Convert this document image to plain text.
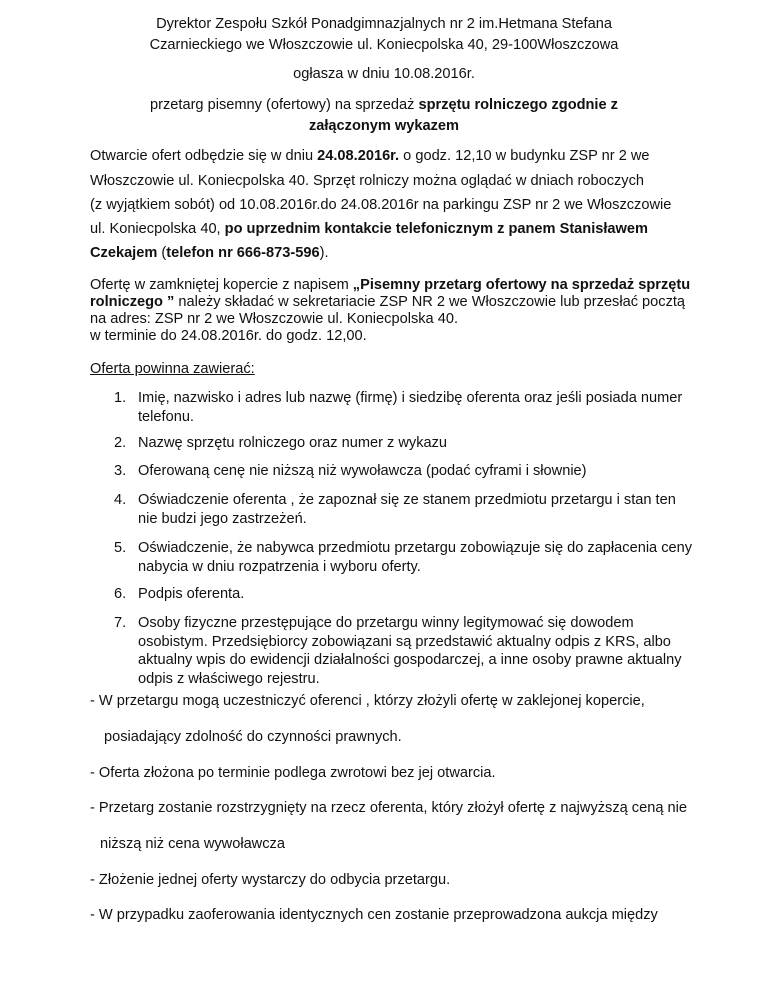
Dyrektor Zespołu Szkół Ponadgimnazjalnych nr 2 im.Hetmana Stefana
Czarnieckiego we Włoszczowie ul. Koniecpolska 40, 29-100Włoszczowa
ogłasza w dniu 10.08.2016r.
przetarg pisemny (ofertowy) na sprzedaż sprzętu rolniczego zgodnie z
załączonym wykazem
Otwarcie ofert odbędzie się w dniu 24.08.2016r. o godz. 12,10 w budynku ZSP nr 2 we
Włoszczowie ul. Koniecpolska 40. Sprzęt rolniczy można oglądać w dniach roboczych
(z wyjątkiem sobót) od 10.08.2016r.do 24.08.2016r na parkingu ZSP nr 2 we Włoszczowie
ul. Koniecpolska 40, po uprzednim kontakcie telefonicznym z panem Stanisławem
Czekajem (telefon nr 666-873-596).
Ofertę w zamkniętej kopercie z napisem „Pisemny przetarg ofertowy na sprzedaż sprzętu
rolniczego ” należy składać w sekretariacie ZSP NR 2 we Włoszczowie lub przesłać pocztą
na adres: ZSP nr 2 we Włoszczowie ul. Koniecpolska 40.
w terminie do 24.08.2016r. do godz. 12,00.
Oferta powinna zawierać:
1. Imię, nazwisko i adres lub nazwę (firmę) i siedzibę oferenta oraz jeśli posiada numer
telefonu.
2. Nazwę sprzętu rolniczego oraz numer z wykazu
3. Oferowaną cenę nie niższą niż wywoławcza (podać cyframi i słownie)
4. Oświadczenie oferenta , że zapoznał się ze stanem przedmiotu przetargu i stan ten
nie budzi jego zastrzeżeń.
5. Oświadczenie, że nabywca przedmiotu przetargu zobowiązuje się do zapłacenia ceny
nabycia w dniu rozpatrzenia i wyboru oferty.
6. Podpis oferenta.
7. Osoby fizyczne przestępujące do przetargu winny legitymować się dowodem
osobistym. Przedsiębiorcy zobowiązani są przedstawić aktualny odpis z KRS, albo
aktualny wpis do ewidencji działalności gospodarczej, a inne osoby prawne aktualny
odpis z właściwego rejestru.
- W przetargu mogą uczestniczyć oferenci , którzy złożyli ofertę w zaklejonej kopercie,
posiadający zdolność do czynności prawnych.
- Oferta złożona po terminie podlega zwrotowi bez jej otwarcia.
- Przetarg zostanie rozstrzygnięty na rzecz oferenta, który złożył ofertę z najwyższą ceną nie
niższą niż cena wywoławcza
- Złożenie jednej oferty wystarczy do odbycia przetargu.
- W przypadku zaoferowania identycznych cen zostanie przeprowadzona aukcja między
